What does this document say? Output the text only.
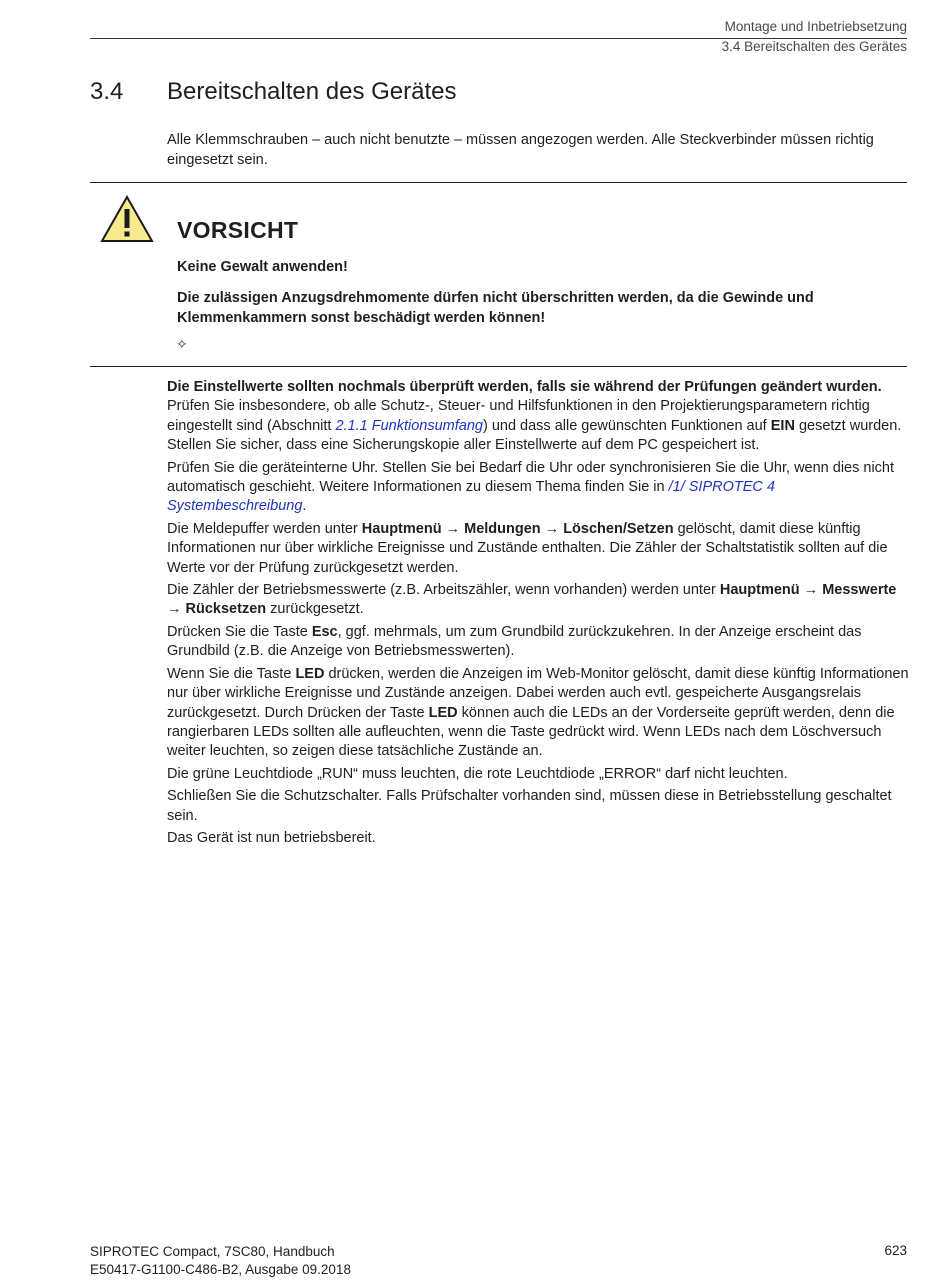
Montage und Inbetriebsetzung
3.4 Bereitschalten des Gerätes
3.4 Bereitschalten des Gerätes
Alle Klemmschrauben – auch nicht benutzte – müssen angezogen werden. Alle Steckverbinder müssen richtig eingesetzt sein.
VORSICHT
Keine Gewalt anwenden!
Die zulässigen Anzugsdrehmomente dürfen nicht überschritten werden, da die Gewinde und Klemmenkammern sonst beschädigt werden können!
✧

Die Einstellwerte sollten nochmals überprüft werden, falls sie während der Prüfungen geändert wurden. Prüfen Sie insbesondere, ob alle Schutz-, Steuer- und Hilfsfunktionen in den Projektierungsparametern richtig eingestellt sind (Abschnitt 2.1.1 Funktionsumfang) und dass alle gewünschten Funktionen auf EIN gesetzt wurden. Stellen Sie sicher, dass eine Sicherungskopie aller Einstellwerte auf dem PC gespeichert ist.

Prüfen Sie die geräteinterne Uhr. Stellen Sie bei Bedarf die Uhr oder synchronisieren Sie die Uhr, wenn dies nicht automatisch geschieht. Weitere Informationen zu diesem Thema finden Sie in /1/ SIPROTEC 4 Systembeschreibung.

Die Meldepuffer werden unter Hauptmenü → Meldungen → Löschen/Setzen gelöscht, damit diese künftig Informationen nur über wirkliche Ereignisse und Zustände enthalten. Die Zähler der Schaltstatistik sollten auf die Werte vor der Prüfung zurückgesetzt werden.

Die Zähler der Betriebsmesswerte (z.B. Arbeitszähler, wenn vorhanden) werden unter Hauptmenü → Messwerte → Rücksetzen zurückgesetzt.

Drücken Sie die Taste Esc, ggf. mehrmals, um zum Grundbild zurückzukehren. In der Anzeige erscheint das Grundbild (z.B. die Anzeige von Betriebsmesswerten).

Wenn Sie die Taste LED drücken, werden die Anzeigen im Web-Monitor gelöscht, damit diese künftig Informationen nur über wirkliche Ereignisse und Zustände anzeigen. Dabei werden auch evtl. gespeicherte Ausgangsrelais zurückgesetzt. Durch Drücken der Taste LED können auch die LEDs an der Vorderseite geprüft werden, denn die rangierbaren LEDs sollten alle aufleuchten, wenn die Taste gedrückt wird. Wenn LEDs nach dem Löschversuch weiter leuchten, so zeigen diese tatsächliche Zustände an.

Die grüne Leuchtdiode „RUN“ muss leuchten, die rote Leuchtdiode „ERROR“ darf nicht leuchten.

Schließen Sie die Schutzschalter. Falls Prüfschalter vorhanden sind, müssen diese in Betriebsstellung geschaltet sein.

Das Gerät ist nun betriebsbereit.

SIPROTEC Compact, 7SC80, Handbuch
E50417-G1100-C486-B2, Ausgabe 09.2018
623
